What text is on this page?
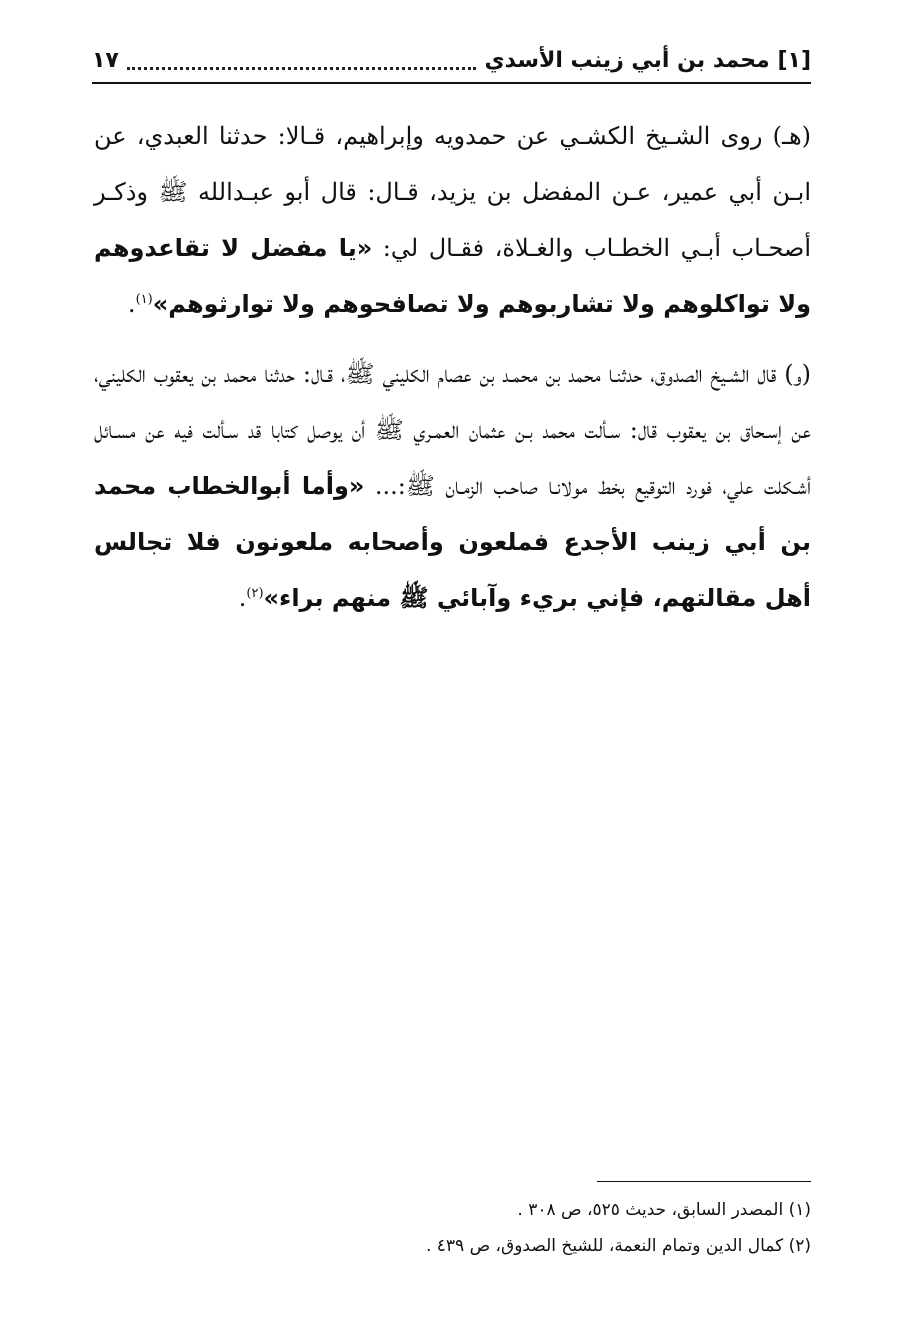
[١] محمد بن أبي زينب الأسدي
١٧

(هـ) روى الشـيخ الكشـي عن حمدويه وإبراهيم، قـالا: حدثنا العبدي، عن ابـن أبي عمير، عـن المفضل بن يزيد، قـال: قال أبو عبـدالله ﷺ وذكـر أصحـاب أبـي الخطـاب والغـلاة، فقـال لي: «يا مفضل لا تقاعدوهم ولا تواكلوهم ولا تشاربوهم ولا تصافحوهم ولا توارثوهم»$^{(١)}$.

(و) قال الشـيخ الصدوق، حدثنـا محمد بن محمـد بن عصام الكليني ﷺ، قـال: حدثنا محمد بن يعقوب الكليني، عن إسـحاق بن يعقوب قال: سـألت محمد بـن عثمان العمـري ﷺ أن يوصل كتابا قد سـألت فيه عن مسـائل أشـكلت علي، فورد التوقيع بخط مولانـا صاحـب الزمـان ﷺ:... «وأما أبوالخطاب محمد بن أبي زينب الأجدع فملعون وأصحابه ملعونون فلا تجالس أهل مقالتهم، فإني بريء وآبائي ﷺ منهم براء»$^{(٢)}$.

(١) المصدر السابق، حديث ٥٢٥، ص ٣٠٨ .

(٢) كمال الدين وتمام النعمة، للشيخ الصدوق، ص ٤٣٩ .
